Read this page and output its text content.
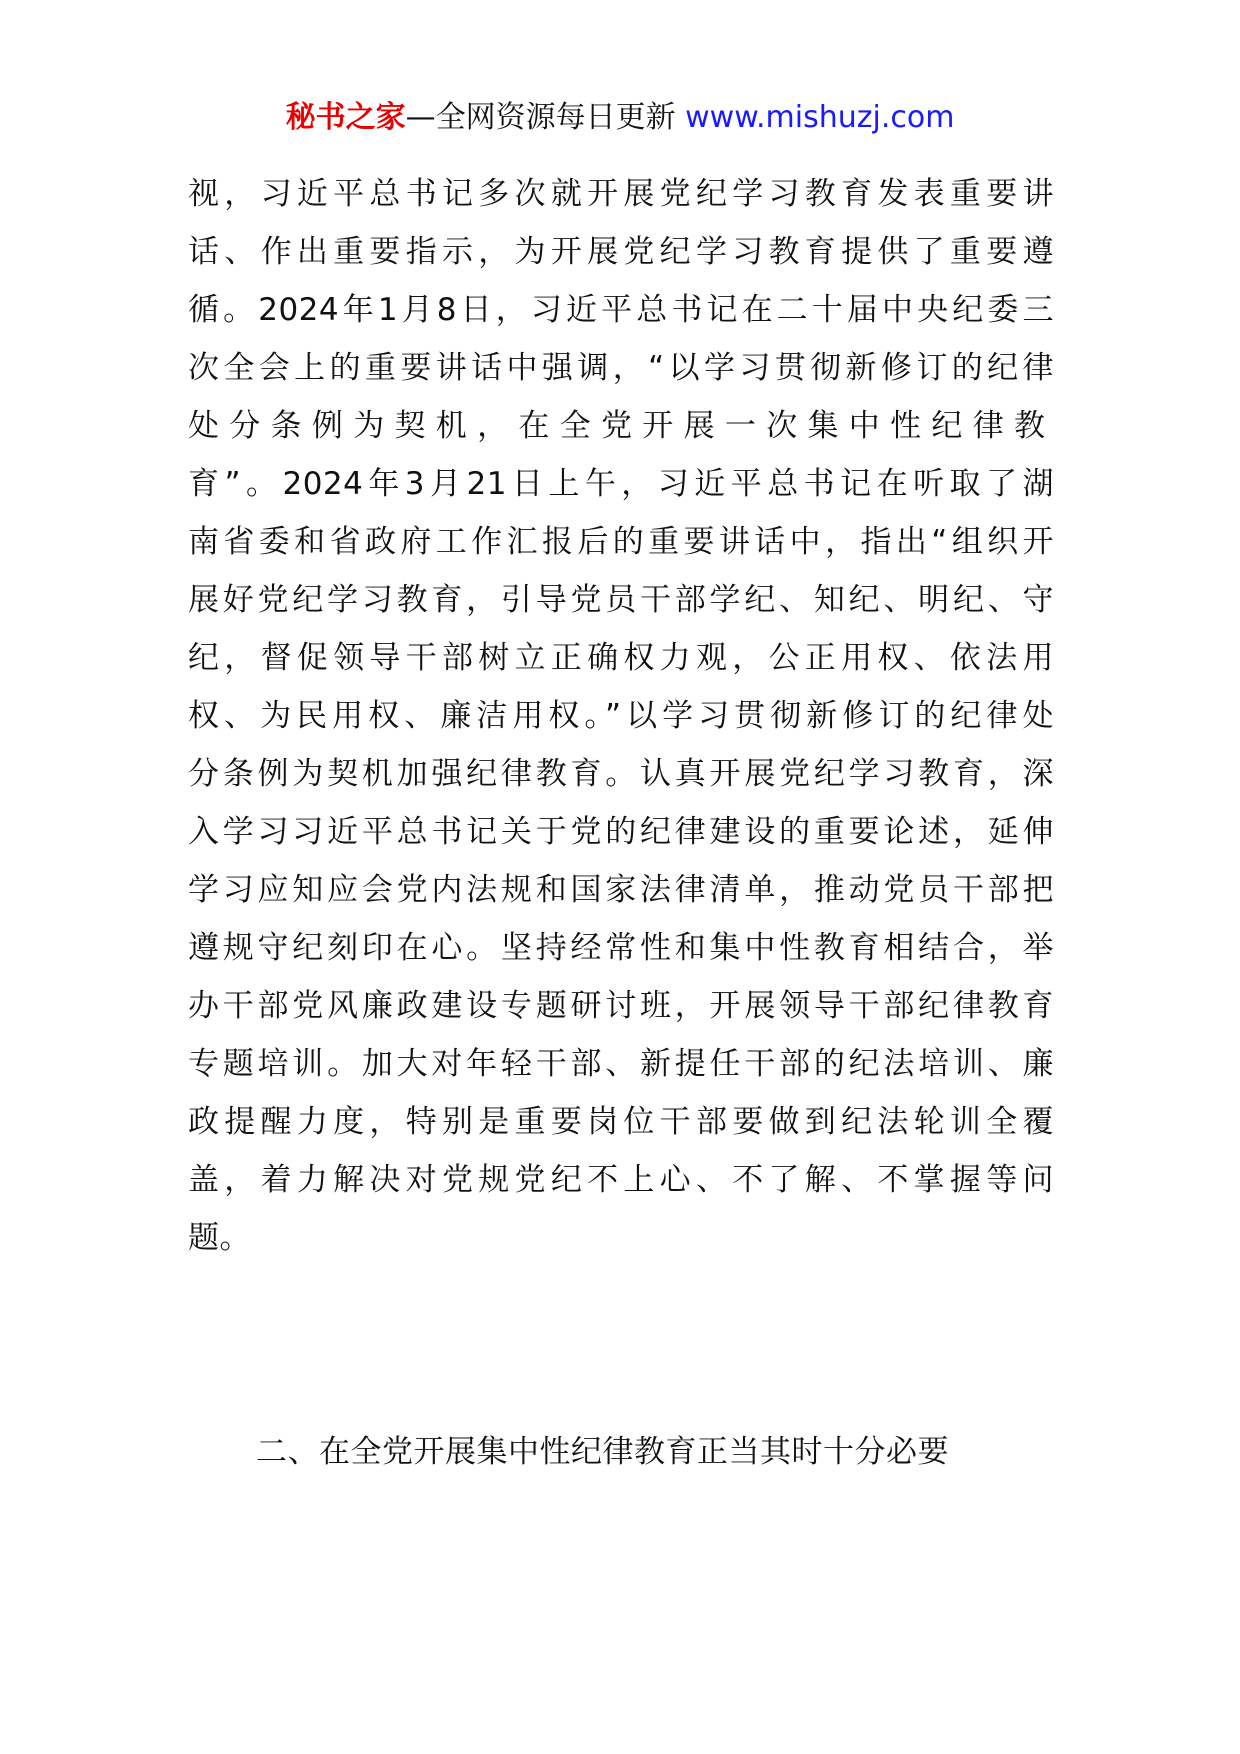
秘书之家—全网资源每日更新 www.mishuzj.com
视，习近平总书记多次就开展党纪学习教育发表重要讲
话、作出重要指示，为开展党纪学习教育提供了重要遵
循。2024年1月8日，习近平总书记在二十届中央纪委三
次全会上的重要讲话中强调，“以学习贯彻新修订的纪律
处分条例为契机，在全党开展一次集中性纪律教
育”。2024年3月21日上午，习近平总书记在听取了湖
南省委和省政府工作汇报后的重要讲话中，指出“组织开
展好党纪学习教育，引导党员干部学纪、知纪、明纪、守
纪，督促领导干部树立正确权力观，公正用权、依法用
权、为民用权、廉洁用权。”以学习贯彻新修订的纪律处
分条例为契机加强纪律教育。认真开展党纪学习教育，深
入学习习近平总书记关于党的纪律建设的重要论述，延伸
学习应知应会党内法规和国家法律清单，推动党员干部把
遵规守纪刻印在心。坚持经常性和集中性教育相结合，举
办干部党风廉政建设专题研讨班，开展领导干部纪律教育
专题培训。加大对年轻干部、新提任干部的纪法培训、廉
政提醒力度，特别是重要岗位干部要做到纪法轮训全覆
盖，着力解决对党规党纪不上心、不了解、不掌握等问
题。
二、在全党开展集中性纪律教育正当其时十分必要
